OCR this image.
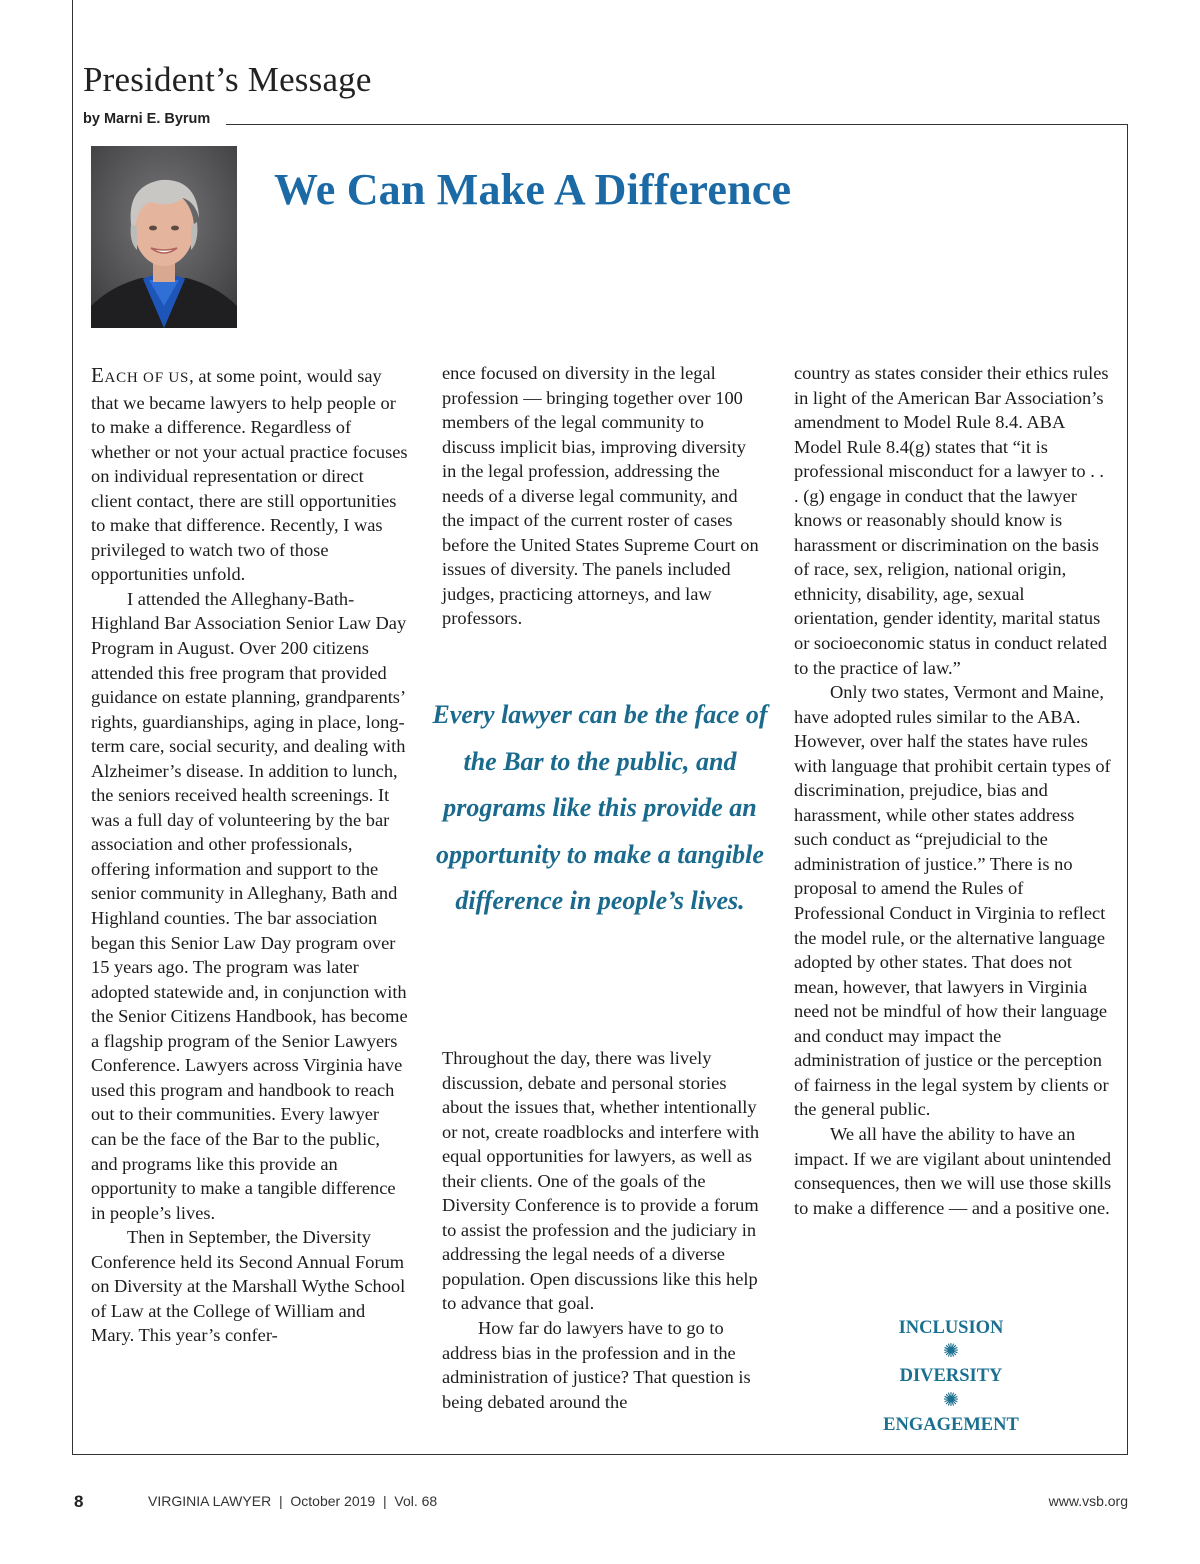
President’s Message
by Marni E. Byrum
We Can Make A Difference

EACH OF US, at some point, would say that we became lawyers to help people or to make a difference. Regardless of whether or not your actual practice focuses on individual representation or direct client contact, there are still opportunities to make that difference. Recently, I was privileged to watch two of those opportunities unfold.

I attended the Alleghany-Bath-Highland Bar Association Senior Law Day Program in August. Over 200 citizens attended this free program that provided guidance on estate planning, grandparents’ rights, guardianships, aging in place, long-term care, social security, and dealing with Alzheimer’s disease. In addition to lunch, the seniors received health screenings. It was a full day of volunteering by the bar association and other professionals, offering information and support to the senior community in Alleghany, Bath and Highland counties. The bar association began this Senior Law Day program over 15 years ago. The program was later adopted statewide and, in conjunction with the Senior Citizens Handbook, has become a flagship program of the Senior Lawyers Conference. Lawyers across Virginia have used this program and handbook to reach out to their communities. Every lawyer can be the face of the Bar to the public, and programs like this provide an opportunity to make a tangible difference in people’s lives.

Then in September, the Diversity Conference held its Second Annual Forum on Diversity at the Marshall Wythe School of Law at the College of William and Mary. This year’s confer-

ence focused on diversity in the legal profession — bringing together over 100 members of the legal community to discuss implicit bias, improving diversity in the legal profession, addressing the needs of a diverse legal community, and the impact of the current roster of cases before the United States Supreme Court on issues of diversity. The panels included judges, practicing attorneys, and law professors.

Every lawyer can be the face of the Bar to the public, and programs like this provide an opportunity to make a tangible difference in people’s lives.

Throughout the day, there was lively discussion, debate and personal stories about the issues that, whether intentionally or not, create roadblocks and interfere with equal opportunities for lawyers, as well as their clients. One of the goals of the Diversity Conference is to provide a forum to assist the profession and the judiciary in addressing the legal needs of a diverse population. Open discussions like this help to advance that goal.

How far do lawyers have to go to address bias in the profession and in the administration of justice? That question is being debated around the

country as states consider their ethics rules in light of the American Bar Association’s amendment to Model Rule 8.4. ABA Model Rule 8.4(g) states that “it is professional misconduct for a lawyer to . . . (g) engage in conduct that the lawyer knows or reasonably should know is harassment or discrimination on the basis of race, sex, religion, national origin, ethnicity, disability, age, sexual orientation, gender identity, marital status or socioeconomic status in conduct related to the practice of law.”

Only two states, Vermont and Maine, have adopted rules similar to the ABA. However, over half the states have rules with language that prohibit certain types of discrimination, prejudice, bias and harassment, while other states address such conduct as “prejudicial to the administration of justice.” There is no proposal to amend the Rules of Professional Conduct in Virginia to reflect the model rule, or the alternative language adopted by other states. That does not mean, however, that lawyers in Virginia need not be mindful of how their language and conduct may impact the administration of justice or the perception of fairness in the legal system by clients or the general public.

We all have the ability to have an impact. If we are vigilant about unintended consequences, then we will use those skills to make a difference — and a positive one.

INCLUSION
✺
DIVERSITY
✺
ENGAGEMENT
8	VIRGINIA LAWYER  |  October 2019  |  Vol. 68	www.vsb.org
